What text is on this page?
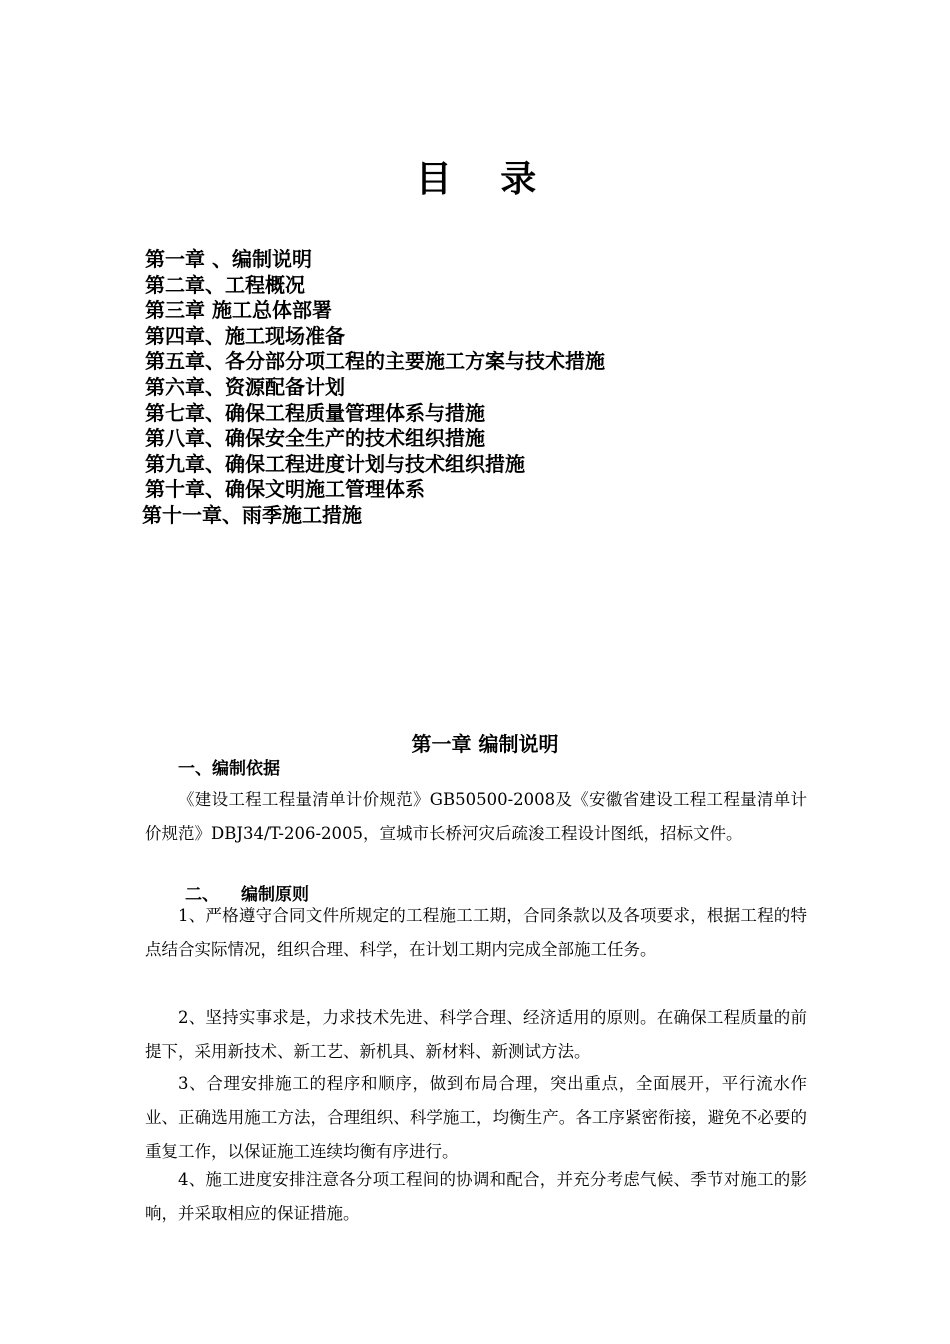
目 录
第一章 、编制说明
第二章、工程概况
第三章 施工总体部署
第四章、施工现场准备
第五章、各分部分项工程的主要施工方案与技术措施
第六章、资源配备计划
第七章、确保工程质量管理体系与措施
第八章、确保安全生产的技术组织措施
第九章、确保工程进度计划与技术组织措施
第十章、确保文明施工管理体系
第十一章、雨季施工措施
第一章 编制说明
一、编制依据

《建设工程工程量清单计价规范》GB50500-2008及《安徽省建设工程工程量清单计价规范》DBJ34/T-206-2005，宣城市长桥河灾后疏浚工程设计图纸，招标文件。

二、 编制原则

1、严格遵守合同文件所规定的工程施工工期，合同条款以及各项要求，根据工程的特点结合实际情况，组织合理、科学，在计划工期内完成全部施工任务。

2、坚持实事求是，力求技术先进、科学合理、经济适用的原则。在确保工程质量的前提下，采用新技术、新工艺、新机具、新材料、新测试方法。

3、合理安排施工的程序和顺序，做到布局合理，突出重点，全面展开，平行流水作业、正确选用施工方法，合理组织、科学施工，均衡生产。各工序紧密衔接，避免不必要的重复工作，以保证施工连续均衡有序进行。

4、施工进度安排注意各分项工程间的协调和配合，并充分考虑气候、季节对施工的影响，并采取相应的保证措施。
